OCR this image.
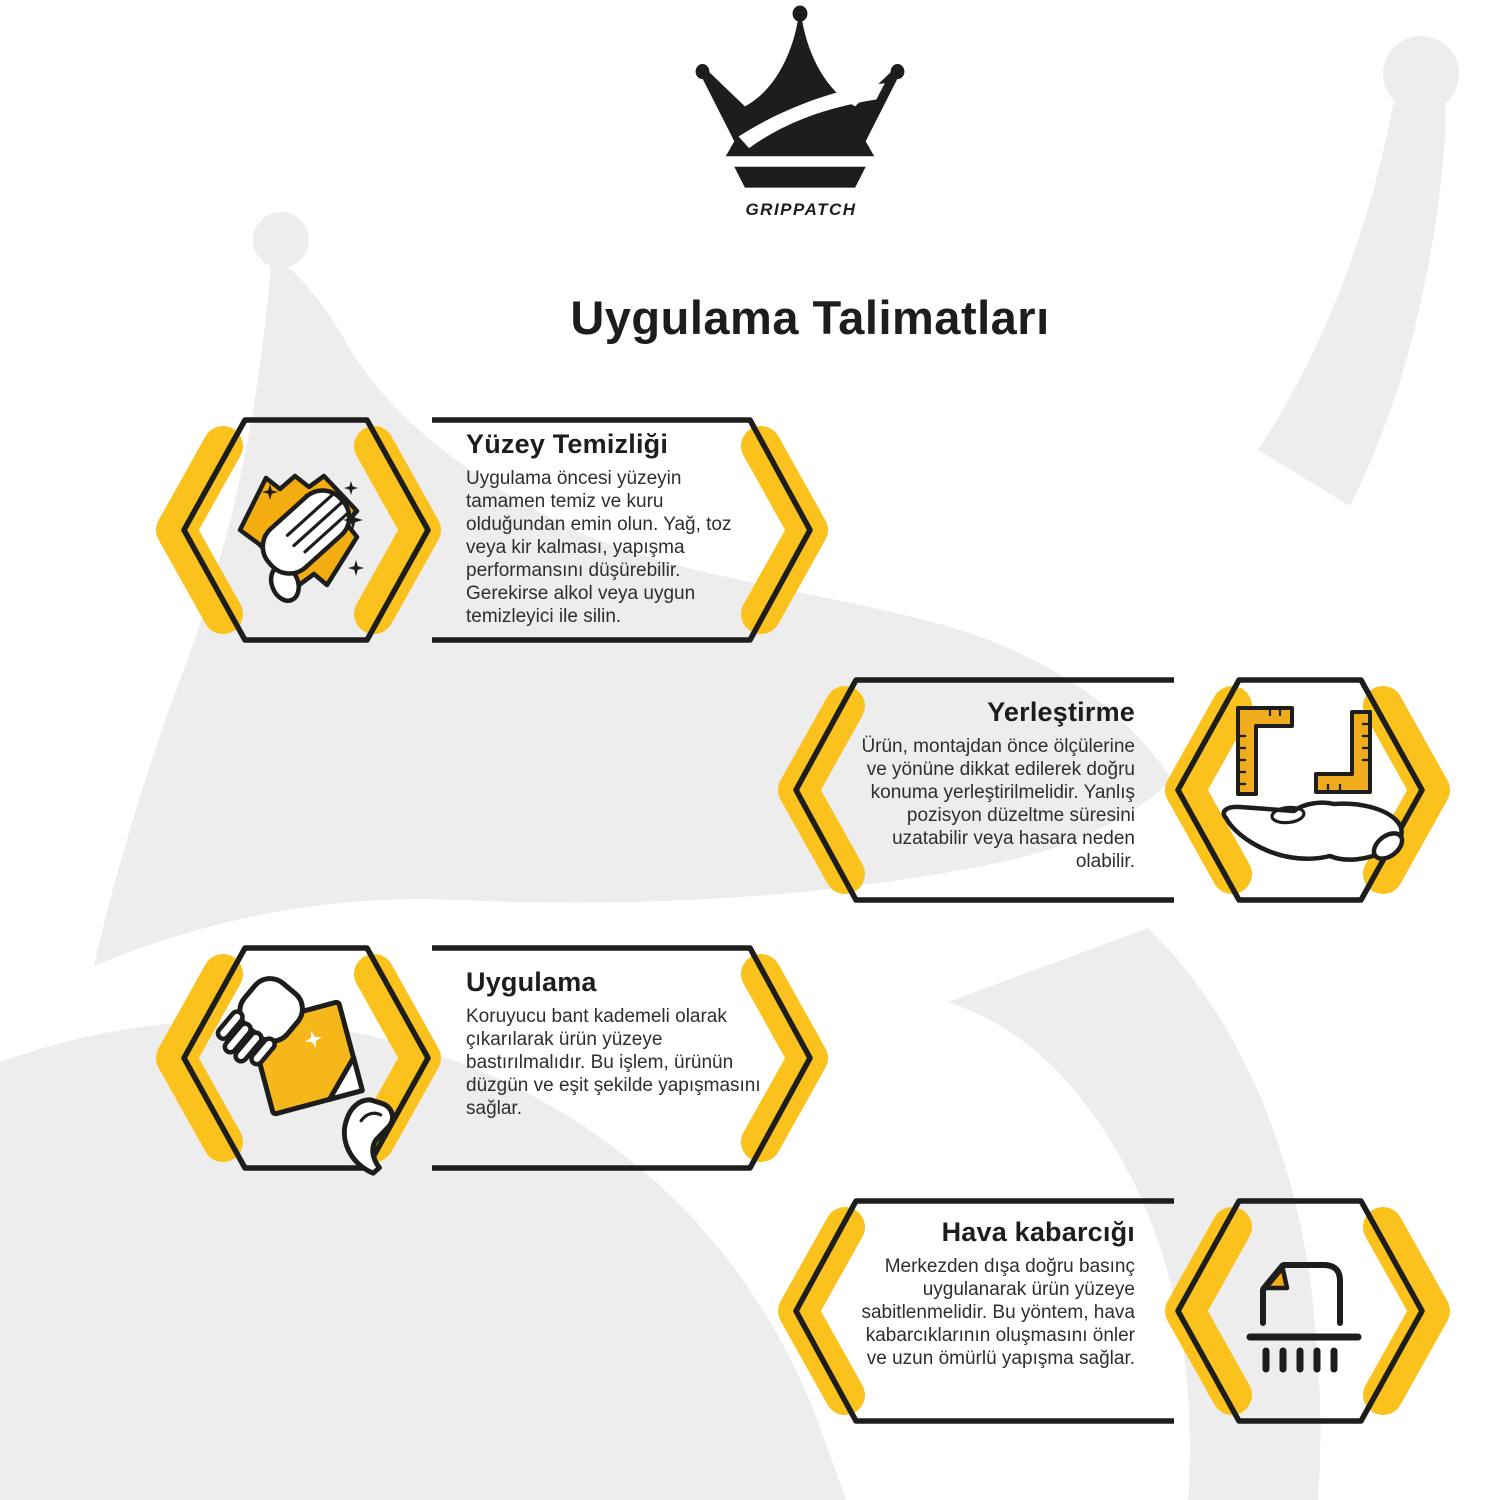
GRIPPATCH
Uygulama Talimatları
Yüzey Temizliği

Uygulama öncesi yüzeyin
tamamen temiz ve kuru
olduğundan emin olun. Yağ, toz
veya kir kalması, yapışma
performansını düşürebilir.
Gerekirse alkol veya uygun
temizleyici ile silin.

Yerleştirme

Ürün, montajdan önce ölçülerine
ve yönüne dikkat edilerek doğru
konuma yerleştirilmelidir. Yanlış
pozisyon düzeltme süresini
uzatabilir veya hasara neden
olabilir.

Uygulama

Koruyucu bant kademeli olarak
çıkarılarak ürün yüzeye
bastırılmalıdır. Bu işlem, ürünün
düzgün ve eşit şekilde yapışmasını
sağlar.

Hava kabarcığı

Merkezden dışa doğru basınç
uygulanarak ürün yüzeye
sabitlenmelidir. Bu yöntem, hava
kabarcıklarının oluşmasını önler
ve uzun ömürlü yapışma sağlar.
